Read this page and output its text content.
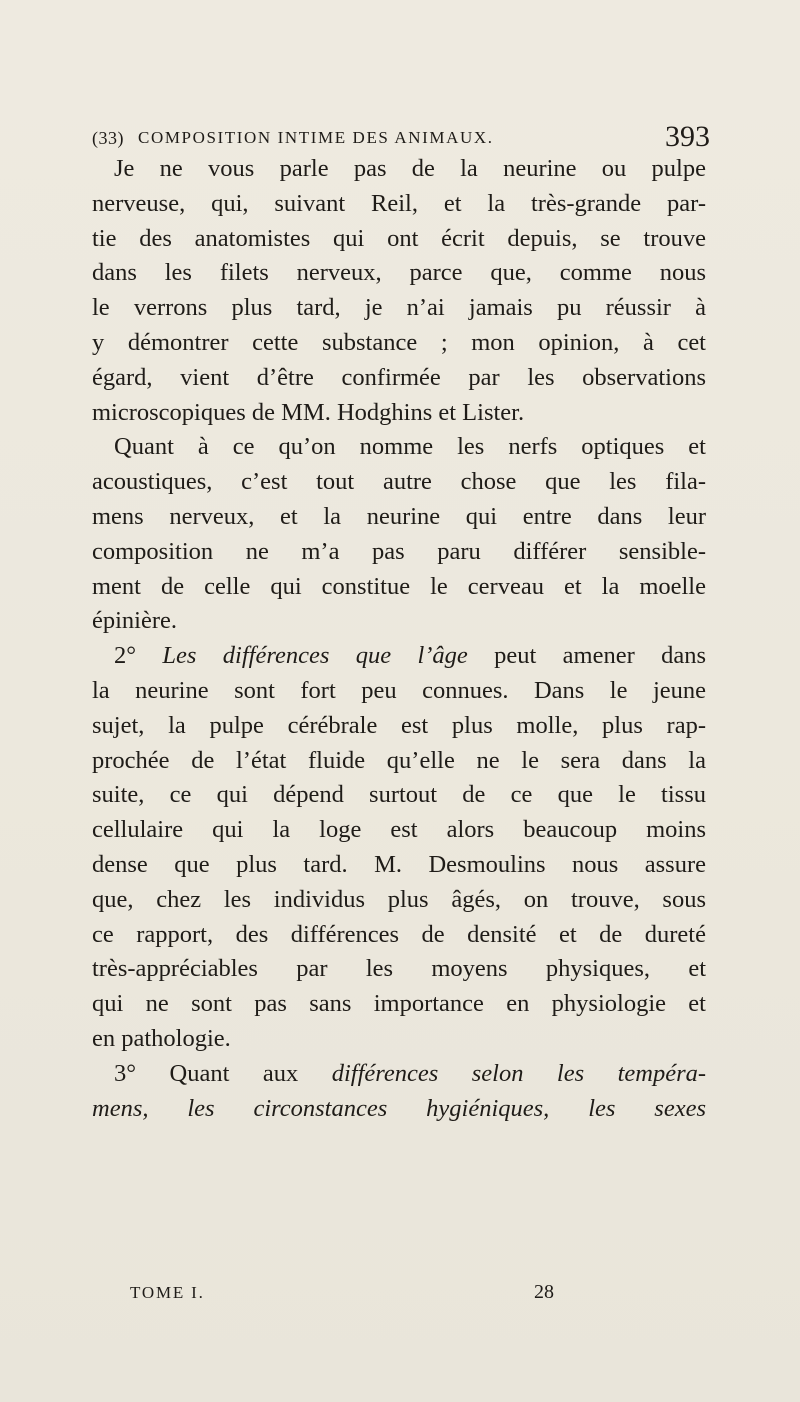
(33) COMPOSITION INTIME DES ANIMAUX.	393
Je ne vous parle pas de la neurine ou pulpe
nerveuse, qui, suivant Reil, et la très-grande par-
tie des anatomistes qui ont écrit depuis, se trouve
dans les filets nerveux, parce que, comme nous
le verrons plus tard, je n’ai jamais pu réussir à
y démontrer cette substance ; mon opinion, à cet
égard, vient d’être confirmée par les observations
microscopiques de MM. Hodghins et Lister.
Quant à ce qu’on nomme les nerfs optiques et
acoustiques, c’est tout autre chose que les fila-
mens nerveux, et la neurine qui entre dans leur
composition ne m’a pas paru différer sensible-
ment de celle qui constitue le cerveau et la moelle
épinière.
2° Les différences que l’âge peut amener dans
la neurine sont fort peu connues. Dans le jeune
sujet, la pulpe cérébrale est plus molle, plus rap-
prochée de l’état fluide qu’elle ne le sera dans la
suite, ce qui dépend surtout de ce que le tissu
cellulaire qui la loge est alors beaucoup moins
dense que plus tard. M. Desmoulins nous assure
que, chez les individus plus âgés, on trouve, sous
ce rapport, des différences de densité et de dureté
très-appréciables par les moyens physiques, et
qui ne sont pas sans importance en physiologie et
en pathologie.
3° Quant aux différences selon les tempéra-
mens, les circonstances hygiéniques, les sexes
TOME I.	28
